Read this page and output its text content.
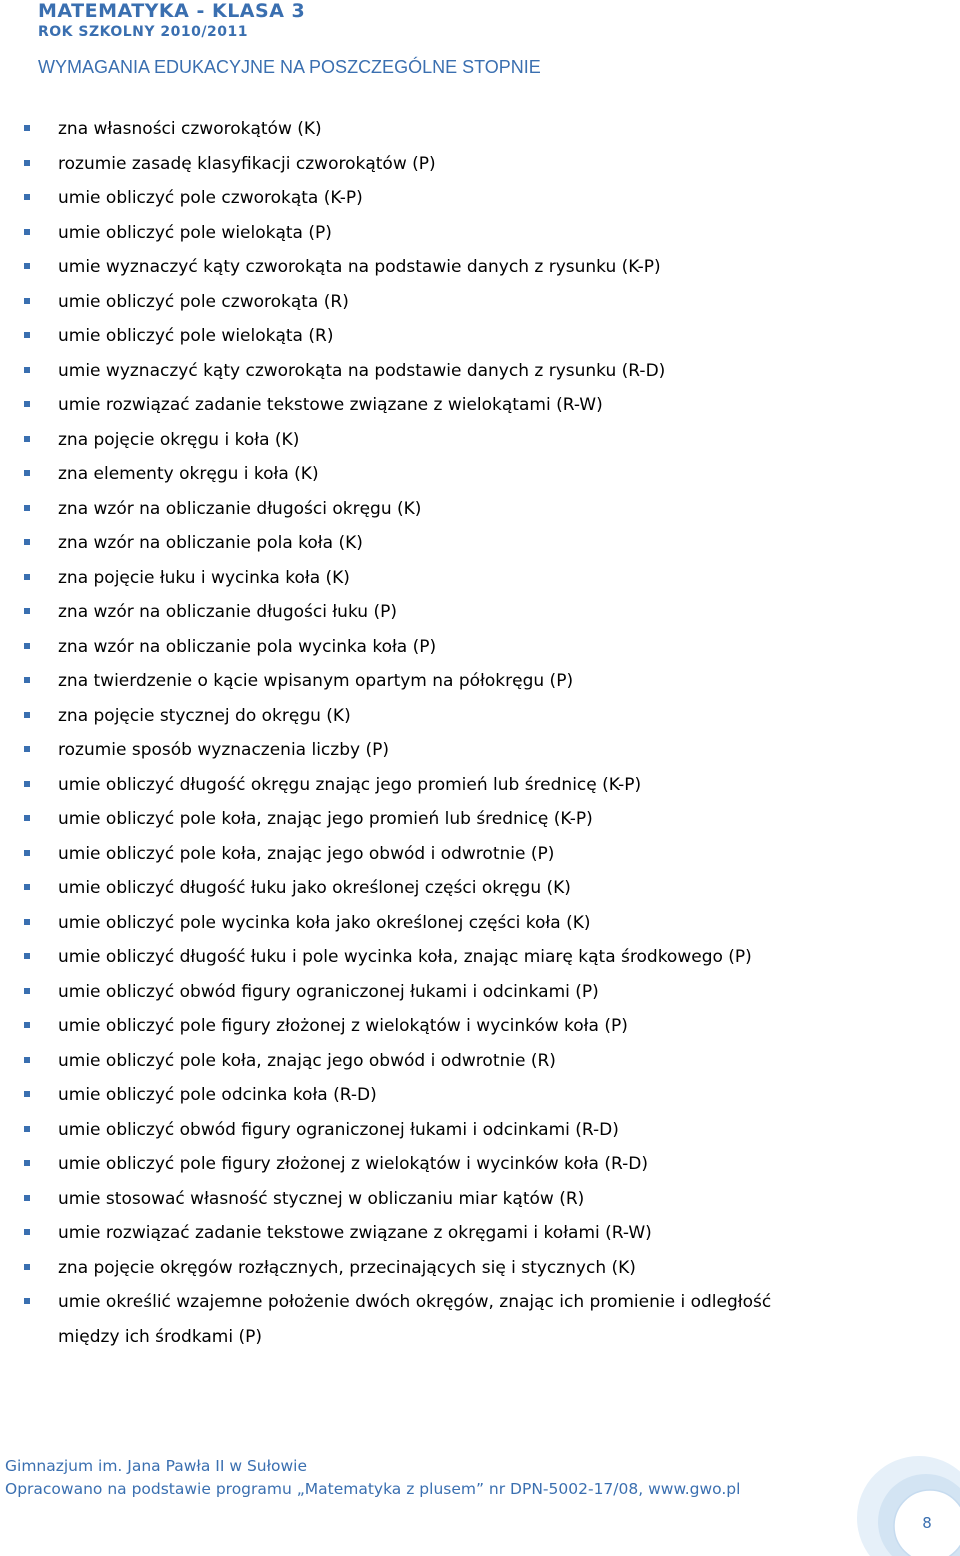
MATEMATYKA - KLASA 3
ROK SZKOLNY 2010/2011
WYMAGANIA EDUKACYJNE NA POSZCZEGÓLNE STOPNIE
zna własności czworokątów (K)
rozumie zasadę klasyfikacji czworokątów (P)
umie obliczyć pole czworokąta (K-P)
umie obliczyć pole wielokąta (P)
umie wyznaczyć kąty czworokąta na podstawie danych z rysunku (K-P)
umie obliczyć pole czworokąta (R)
umie obliczyć pole wielokąta (R)
umie wyznaczyć kąty czworokąta na podstawie danych z rysunku (R-D)
umie rozwiązać zadanie tekstowe związane z wielokątami (R-W)
zna pojęcie okręgu i koła (K)
zna elementy okręgu i koła (K)
zna wzór na obliczanie długości okręgu (K)
zna wzór na obliczanie pola koła (K)
zna pojęcie łuku i wycinka koła (K)
zna wzór na obliczanie długości łuku (P)
zna wzór na obliczanie pola wycinka koła (P)
zna twierdzenie o kącie wpisanym opartym na półokręgu (P)
zna pojęcie stycznej do okręgu (K)
rozumie sposób wyznaczenia liczby (P)
umie obliczyć długość okręgu znając jego promień lub średnicę (K-P)
umie obliczyć pole koła, znając jego promień lub średnicę (K-P)
umie obliczyć pole koła, znając jego obwód i odwrotnie (P)
umie obliczyć długość łuku jako określonej części okręgu (K)
umie obliczyć pole wycinka koła jako określonej części koła (K)
umie obliczyć długość łuku i pole wycinka koła, znając miarę kąta środkowego (P)
umie obliczyć obwód figury ograniczonej łukami i odcinkami (P)
umie obliczyć pole figury złożonej z wielokątów i wycinków koła (P)
umie obliczyć pole koła, znając jego obwód i odwrotnie (R)
umie obliczyć pole odcinka koła (R-D)
umie obliczyć obwód figury ograniczonej łukami i odcinkami (R-D)
umie obliczyć pole figury złożonej z wielokątów i wycinków koła (R-D)
umie stosować własność stycznej w obliczaniu miar kątów (R)
umie rozwiązać zadanie tekstowe związane z okręgami i kołami (R-W)
zna pojęcie okręgów rozłącznych, przecinających się i stycznych (K)
umie określić wzajemne położenie dwóch okręgów, znając ich promienie i odległość między ich środkami (P)
Gimnazjum im. Jana Pawła II w Sułowie
Opracowano na podstawie programu „Matematyka z plusem” nr DPN-5002-17/08, www.gwo.pl
8
